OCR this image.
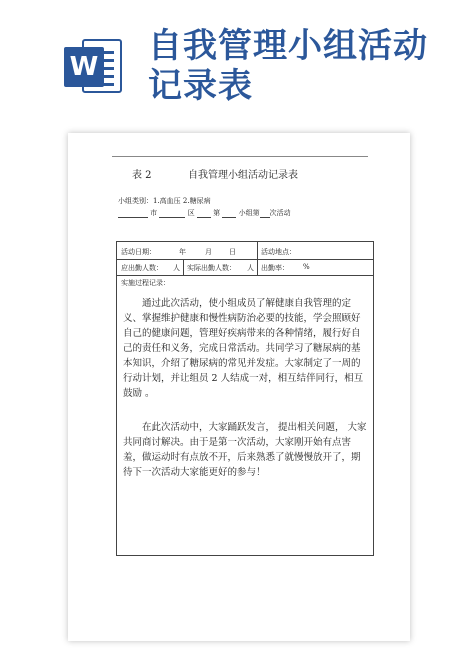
W
自我管理小组活动
记录表
表 2	自我管理小组活动记录表
小组类别：1.高血压 2.糖尿病
市	区	第	小组第 次活动
活动日期：	年	月 日	活动地点：
应出勤人数： 人 实际出勤人数： 人 出勤率： %
实施过程记录：

通过此次活动，使小组成员了解健康自我管理的定义、掌握维护健康和慢性病防治必要的技能，学会照顾好自己的健康问题，管理好疾病带来的各种情绪，履行好自己的责任和义务，完成日常活动。共同学习了糖尿病的基本知识，介绍了糖尿病的常见并发症。大家制定了一周的行动计划，并让组员 2 人结成一对，相互结伴同行，相互鼓励 。

在此次活动中，大家踊跃发言， 提出相关问题， 大家共同商讨解决。由于是第一次活动，大家刚开始有点害羞，做运动时有点放不开，后来熟悉了就慢慢放开了，期待下一次活动大家能更好的参与！
